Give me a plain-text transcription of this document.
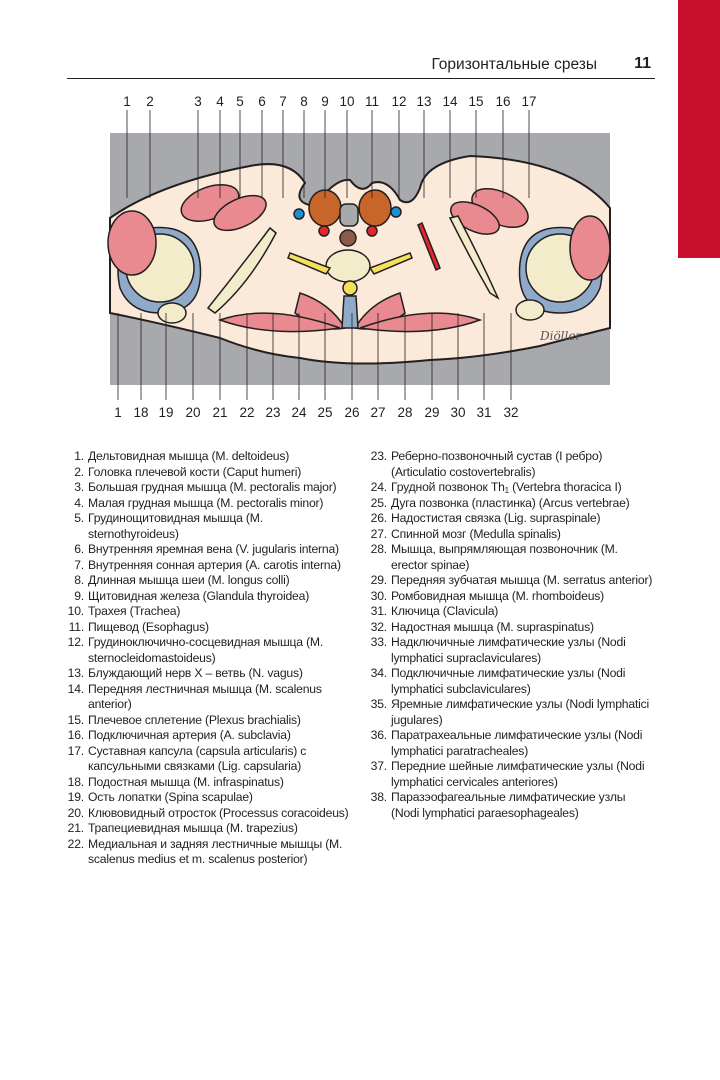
Горизонтальные срезы 11
Diöller
1 2	3 4 5 6 7 8 9 10 11 12 13 14 15 16 17
1 18 19 20 21 22 23 24 25 26 27 28 29 30 31 32
1. Дельтовидная мышца (M. deltoideus)
2. Головка плечевой кости (Caput humeri)
3. Большая грудная мышца (M. pectoralis major)
4. Малая грудная мышца (M. pectoralis minor)
5. Грудинощитовидная мышца (M. sternothyroideus)
6. Внутренняя яремная вена (V. jugularis interna)
7. Внутренняя сонная артерия (A. carotis interna)
8. Длинная мышца шеи (M. longus colli)
9. Щитовидная железа (Glandula thyroidea)
10. Трахея (Trachea)
11. Пищевод (Esophagus)
12. Грудиноключично-сосцевидная мышца (M. sternocleidomastoideus)
13. Блуждающий нерв X – ветвь (N. vagus)
14. Передняя лестничная мышца (M. scalenus anterior)
15. Плечевое сплетение (Plexus brachialis)
16. Подключичная артерия (A. subclavia)
17. Суставная капсула (capsula articularis) с капсульными связками (Lig. capsularia)
18. Подостная мышца (M. infraspinatus)
19. Ость лопатки (Spina scapulae)
20. Клювовидный отросток (Processus coracoideus)
21. Трапециевидная мышца (M. trapezius)
22. Медиальная и задняя лестничные мышцы (M. scalenus medius et m. scalenus posterior)
23. Реберно-позвоночный сустав (I ребро) (Articulatio costovertebralis)
24. Грудной позвонок $Th_1$ (Vertebra thoracica I)
25. Дуга позвонка (пластинка) (Arcus vertebrae)
26. Надостистая связка (Lig. supraspinale)
27. Спинной мозг (Medulla spinalis)
28. Мышца, выпрямляющая позвоночник (M. erector spinae)
29. Передняя зубчатая мышца (M. serratus anterior)
30. Ромбовидная мышца (M. rhomboideus)
31. Ключица (Clavicula)
32. Надостная мышца (M. supraspinatus)
33. Надключичные лимфатические узлы (Nodi lymphatici supraclaviculares)
34. Подключичные лимфатические узлы (Nodi lymphatici subclaviculares)
35. Яремные лимфатические узлы (Nodi lymphatici jugulares)
36. Паратрахеальные лимфатические узлы (Nodi lymphatici paratracheales)
37. Передние шейные лимфатические узлы (Nodi lymphatici cervicales anteriores)
38. Паразэофагеальные лимфатические узлы (Nodi lymphatici paraesophageales)
